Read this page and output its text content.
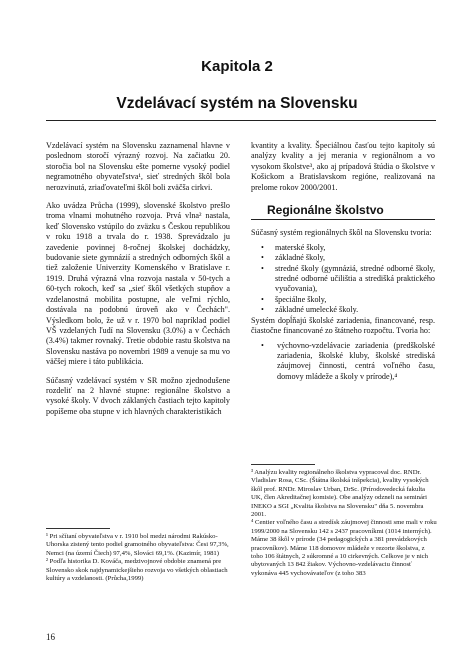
Kapitola 2
Vzdelávací systém na Slovensku

Vzdelávací systém na Slovensku zaznamenal hlavne v poslednom storočí výrazný rozvoj. Na začiatku 20. storočia bol na Slovensku ešte pomerne vysoký podiel negramotného obyvateľstva¹, sieť stredných škôl bola nerozvinutá, zriaďovateľmi škôl boli zväčša cirkvi.

Ako uvádza Průcha (1999), slovenské školstvo prešlo troma vlnami mohutného rozvoja. Prvá vlna² nastala, keď Slovensko vstúpilo do zväzku s Českou republikou v roku 1918 a trvala do r. 1938. Sprevádzalo ju zavedenie povinnej 8-ročnej školskej dochádzky, budovanie siete gymnázií a stredných odborných škôl a tiež založenie Univerzity Komenského v Bratislave r. 1919. Druhá výrazná vlna rozvoja nastala v 50-tych a 60-tych rokoch, keď sa „sieť škôl všetkých stupňov a vzdelanostná mobilita postupne, ale veľmi rýchlo, dostávala na podobnú úroveň ako v Čechách". Výsledkom bolo, že už v r. 1970 bol napríklad podiel VŠ vzdelaných ľudí na Slovensku (3.0%) a v Čechách (3.4%) takmer rovnaký. Tretie obdobie rastu školstva na Slovensku nastáva po novembri 1989 a venuje sa mu vo väčšej miere i táto publikácia.

Súčasný vzdelávací systém v SR možno zjednodušene rozdeliť na 2 hlavné stupne: regionálne školstvo a vysoké školy. V dvoch záklaných častiach tejto kapitoly popíšeme oba stupne v ich hlavných charakteristikách

kvantity a kvality. Špeciálnou časťou tejto kapitoly sú analýzy kvality a jej merania v regionálnom a vo vysokom školstve³, ako aj prípadová štúdia o školstve v Košickom a Bratislavskom regióne, realizovaná na prelome rokov 2000/2001.

Regionálne školstvo

Súčasný systém regionálnych škôl na Slovensku tvoria:

• materské školy,
• základné školy,
• stredné školy (gymnáziá, stredné odborné školy, stredné odborné učilištia a stredišká praktického vyučovania),
• špeciálne školy,
• základné umelecké školy.

Systém dopĺňajú školské zariadenia, financované, resp. čiastočne financované zo štátneho rozpočtu. Tvoria ho:

• výchovno-vzdelávacie zariadenia (predškolské zariadenia, školské kluby, školské strediská záujmovej činnosti, centrá voľného času, domovy mládeže a školy v prírode),⁴

¹ Pri sčítaní obyvateľstva v r. 1910 bol medzi národmi Rakúsko-Uhorska zistený tento podiel gramotného obyvateľstva: Česi 97,3%, Nemci (na území Čiech) 97,4%, Slováci 69,1%. (Kazimír, 1981)

² Podľa historika D. Kováča, medzivojnové obdobie znamená pre Slovensko skok najdynamickejšieho rozvoja vo všetkých oblastiach kultúry a vzdelanosti. (Průcha,1999)

³ Analýzu kvality regionálneho školstva vypracoval doc. RNDr. Vladislav Rosa, CSc. (Štátna školská inšpekcia), kvality vysokých škôl prof. RNDr. Miroslav Urban, DrSc. (Prírodovedecká fakulta UK, člen Akreditačnej komisie). Obe analýzy odzneli na seminári INEKO a SGI „Kvalita školstva na Slovensku" dňa 5. novembra 2001.

⁴ Centier voľného času a stredísk záujmovej činnosti sme mali v roku 1999/2000 na Slovensku 142 s 2437 pracovníkmi (1014 interných). Máme 38 škôl v prírode (34 pedagogických a 381 prevádzkových pracovníkov). Máme 118 domovov mládeže v rezorte školstva, z toho 106 štátnych, 2 súkromné a 10 cirkevných. Celkove je v nich ubytovaných 13 842 žiakov. Výchovno-vzdelávaciu činnosť vykonáva 445 vychovávateľov (z toho 383

16
